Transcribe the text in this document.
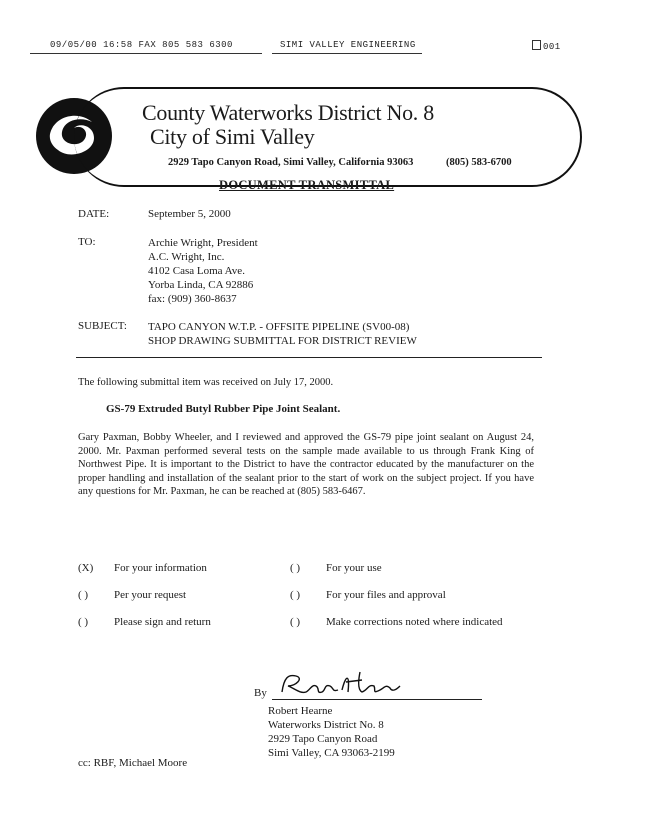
09/05/00 16:58 FAX 805 583 6300	SIMI VALLEY ENGINEERING	001
County Waterworks District No. 8
City of Simi Valley
2929 Tapo Canyon Road, Simi Valley, California 93063	(805) 583-6700
DOCUMENT TRANSMITTAL
DATE:	September 5, 2000
TO:	Archie Wright, President
A.C. Wright, Inc.
4102 Casa Loma Ave.
Yorba Linda, CA 92886
fax: (909) 360-8637
SUBJECT: TAPO CANYON W.T.P. - OFFSITE PIPELINE (SV00-08)
SHOP DRAWING SUBMITTAL FOR DISTRICT REVIEW
The following submittal item was received on July 17, 2000.
GS-79 Extruded Butyl Rubber Pipe Joint Sealant.
Gary Paxman, Bobby Wheeler, and I reviewed and approved the GS-79 pipe joint sealant on August 24, 2000. Mr. Paxman performed several tests on the sample made available to us through Frank King of Northwest Pipe. It is important to the District to have the contractor educated by the manufacturer on the proper handling and installation of the sealant prior to the start of work on the subject project. If you have any questions for Mr. Paxman, he can be reached at (805) 583-6467.
(X) For your information	( ) For your use
( ) Per your request	( ) For your files and approval
( ) Please sign and return	( ) Make corrections noted where indicated
By
Robert Hearne
Waterworks District No. 8
2929 Tapo Canyon Road
Simi Valley, CA 93063-2199
cc: RBF, Michael Moore
